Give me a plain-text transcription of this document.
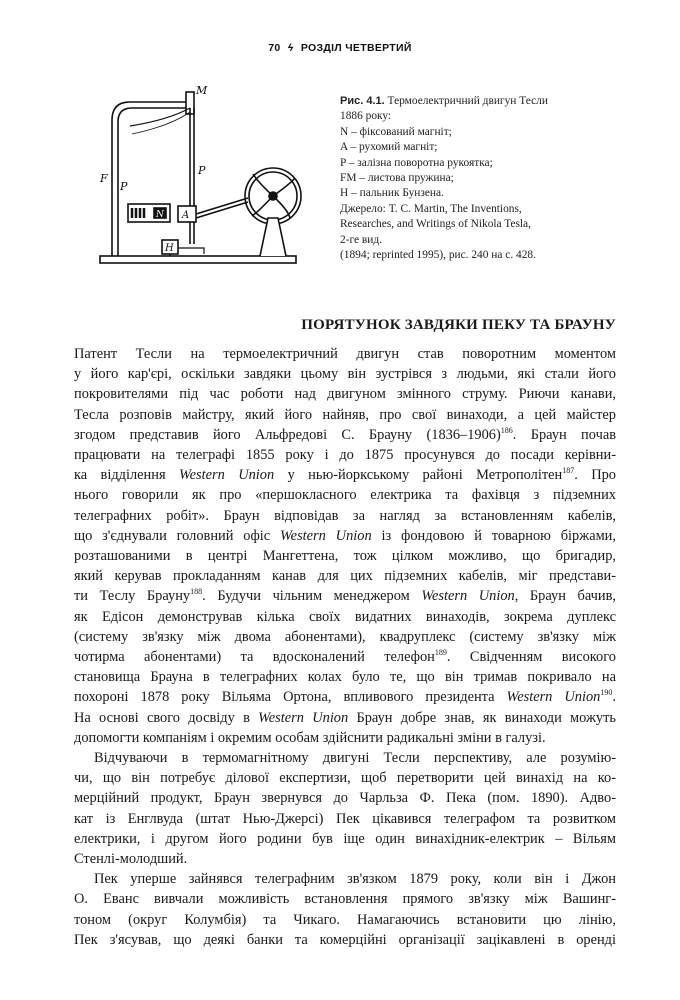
70 ϟ РОЗДІЛ ЧЕТВЕРТИЙ
M
F
P
P
N A
H
Рис. 4.1. Термоелектричний двигун Тесли
1886 року:
N – фіксований магніт;
A – рухомий магніт;
P – залізна поворотна рукоятка;
FM – листова пружина;
H – пальник Бунзена.
Джерело: T. C. Martin, The Inventions,
Researches, and Writings of Nikola Tesla,
2-ге вид.
(1894; reprinted 1995), рис. 240 на с. 428.
ПОРЯТУНОК ЗАВДЯКИ ПЕКУ ТА БРАУНУ

Патент Тесли на термоелектричний двигун став поворотним моментом
у його кар'єрі, оскільки завдяки цьому він зустрівся з людьми, які стали його
покровителями під час роботи над двигуном змінного струму. Риючи канави,
Тесла розповів майстру, який його найняв, про свої винаходи, а цей майстер
згодом представив його Альфредові С. Брауну (1836–1906)$^{186}$. Браун почав
працювати на телеграфі 1855 року і до 1875 просунувся до посади керівни-
ка відділення Western Union у нью-йоркському районі Метрополітен$^{187}$. Про
нього говорили як про «першокласного електрика та фахівця з підземних
телеграфних робіт». Браун відповідав за нагляд за встановленням кабелів,
що з'єднували головний офіс Western Union із фондовою й товарною біржами,
розташованими в центрі Мангеттена, тож цілком можливо, що бригадир,
який керував прокладанням канав для цих підземних кабелів, міг представи-
ти Теслу Брауну$^{188}$. Будучи чільним менеджером Western Union, Браун бачив,
як Едісон демонстрував кілька своїх видатних винаходів, зокрема дуплекс
(систему зв'язку між двома абонентами), квадруплекс (систему зв'язку між
чотирма абонентами) та вдосконалений телефон$^{189}$. Свідченням високого
становища Брауна в телеграфних колах було те, що він тримав покривало на
похороні 1878 року Вільяма Ортона, впливового президента Western Union$^{190}$.
На основі свого досвіду в Western Union Браун добре знав, як винаходи можуть
допомогти компаніям і окремим особам здійснити радикальні зміни в галузі.

Відчуваючи в термомагнітному двигуні Тесли перспективу, але розумію-
чи, що він потребує ділової експертизи, щоб перетворити цей винахід на ко-
мерційний продукт, Браун звернувся до Чарльза Ф. Пека (пом. 1890). Адво-
кат із Енглвуда (штат Нью-Джерсі) Пек цікавився телеграфом та розвитком
електрики, і другом його родини був іще один винахідник-електрик – Вільям
Стенлі-молодший.

Пек уперше зайнявся телеграфним зв'язком 1879 року, коли він і Джон
О. Еванс вивчали можливість встановлення прямого зв'язку між Вашинг-
тоном (округ Колумбія) та Чикаго. Намагаючись встановити цю лінію,
Пек з'ясував, що деякі банки та комерційні організації зацікавлені в оренді
